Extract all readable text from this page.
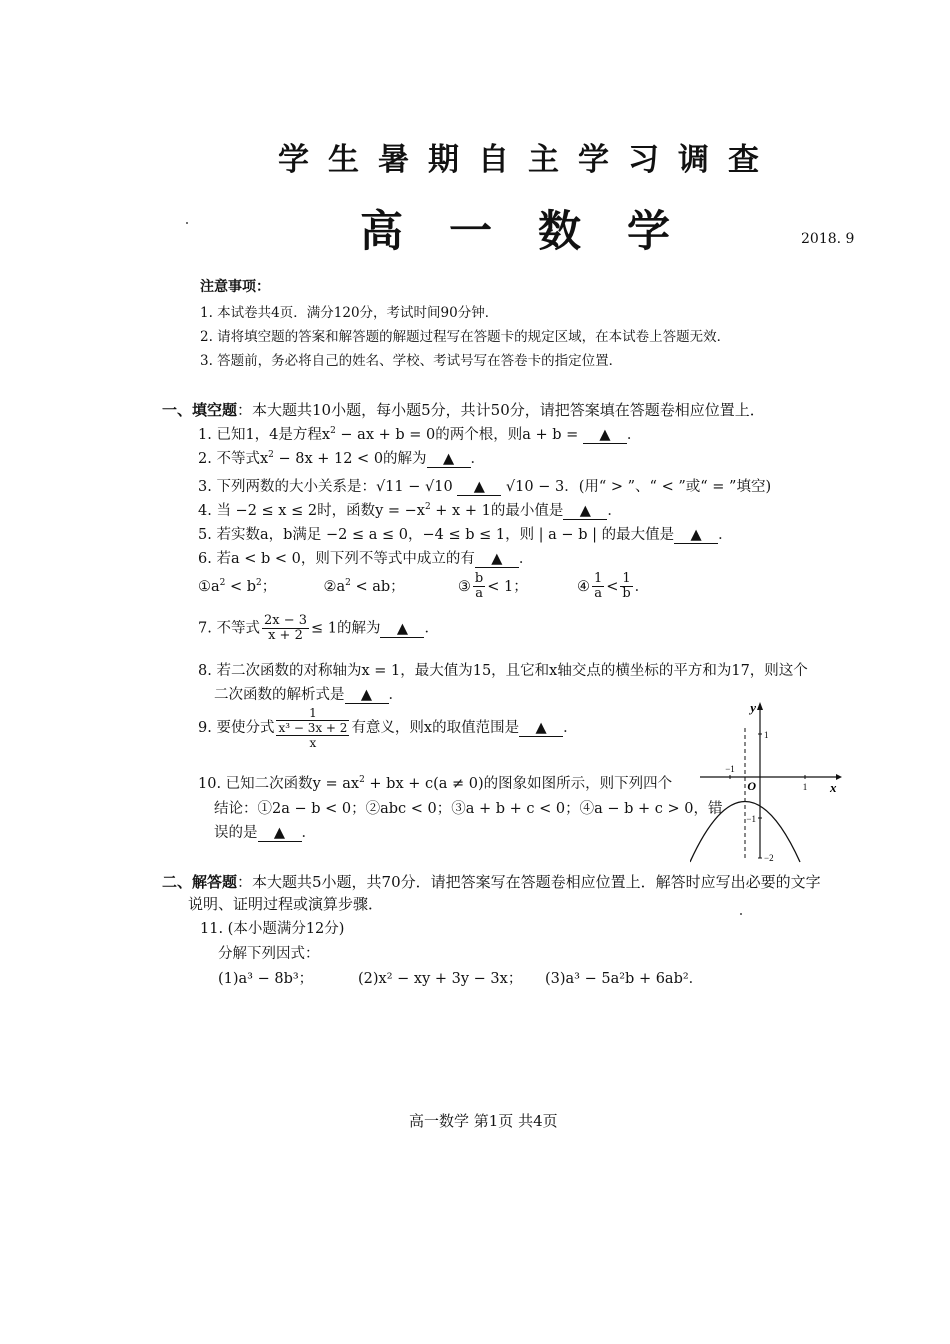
学生暑期自主学习调查
高一数学	2018. 9
注意事项：
1. 本试卷共4页．满分120分，考试时间90分钟．
2. 请将填空题的答案和解答题的解题过程写在答题卡的规定区域，在本试卷上答题无效．
3. 答题前，务必将自己的姓名、学校、考试号写在答卷卡的指定位置．
一、填空题：本大题共10小题，每小题5分，共计50分，请把答案填在答题卷相应位置上．
1. 已知1，4是方程$x^2$ − ax + b = 0的两个根，则a + b = ▲ ．
2. 不等式$x^2 - 8x + 12 < 0$的解为 ▲ ．
3. 下列两数的大小关系是：√11 − √10 ▲ √10 − 3．(用“ > ”、“ < ”或“ = ”填空)
4. 当 −2 ≤ x ≤ 2时，函数$y = -x^2 + x + 1$的最小值是 ▲ ．
5. 若实数a，b满足 −2 ≤ a ≤ 0，−4 ≤ b ≤ 1，则 | a − b | 的最大值是 ▲ ．
6. 若a < b < 0，则下列不等式中成立的有 ▲ ．
$①a^2 < b^2$；	$②a^2$ < ab；	③ $\frac{b}{a} < 1$；	④ $\frac{1}{a} < \frac{1}{b}$ ．
7. 不等式 $\frac{2x - 3}{x + 2} \le 1$的解为 ▲ ．
8. 若二次函数的对称轴为x = 1，最大值为15，且它和x轴交点的横坐标的平方和为17，则这个
二次函数的解析式是 ▲ ．
9. 要使分式 $\frac{1}{\frac{\text{x³ − 3x + 2}}{x}}$ 有意义，则x的取值范围是 ▲ ．
10. 已知二次函数$y = ax^2$ + bx + c(a ≠ 0)的图象如图所示，则下列四个
结论：①2a − b < 0；②abc < 0；③a + b + c < 0；④a − b + c > 0，错
误的是 ▲ ．
y
x
O
1
−1
−2
−1
1
二、解答题：本大题共5小题，共70分．请把答案写在答题卷相应位置上．解答时应写出必要的文字
说明、证明过程或演算步骤．
11. (本小题满分12分)
分解下列因式：
(1)a³ − 8b³；	(2)x² − xy + 3y − 3x； (3)a³ − 5a²b + 6ab²．
高一数学 第1页 共4页
